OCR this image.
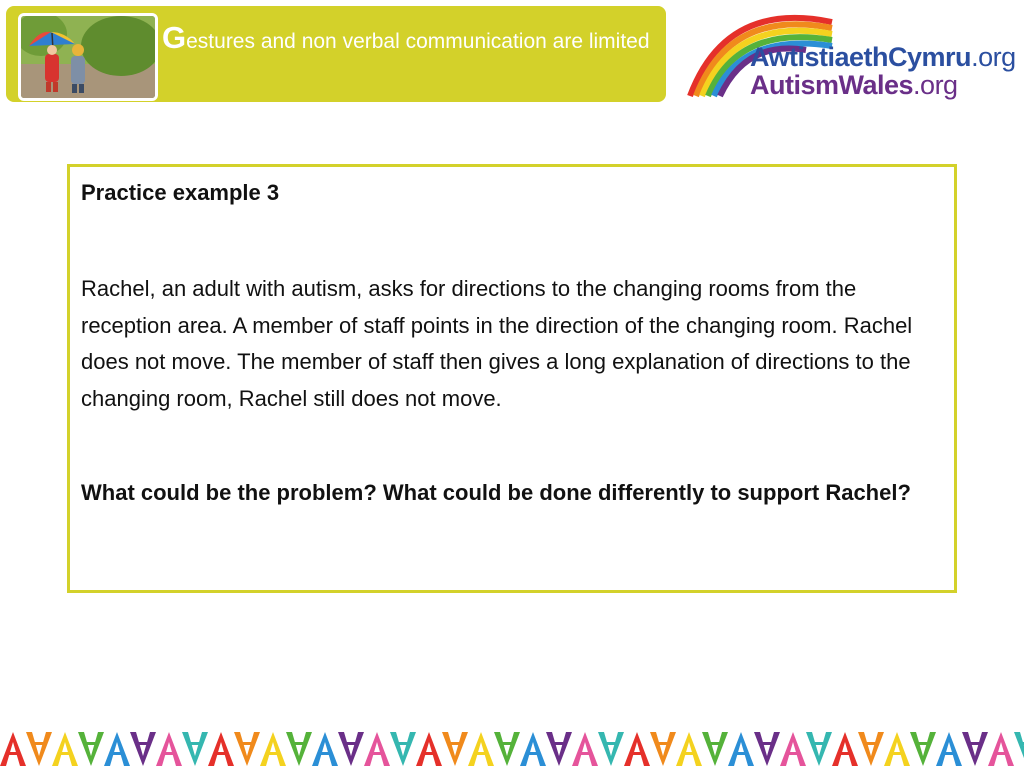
Gestures and non verbal communication are limited
AwtistiaethCymru.org
AutismWales.org

Practice example 3

Rachel, an adult with autism, asks for directions to the changing rooms from the reception area. A member of staff points in the direction of the changing room. Rachel does not move. The member of staff then gives a long explanation of directions to the changing room, Rachel still does not move.

What could be the problem? What could be done differently to support Rachel?
